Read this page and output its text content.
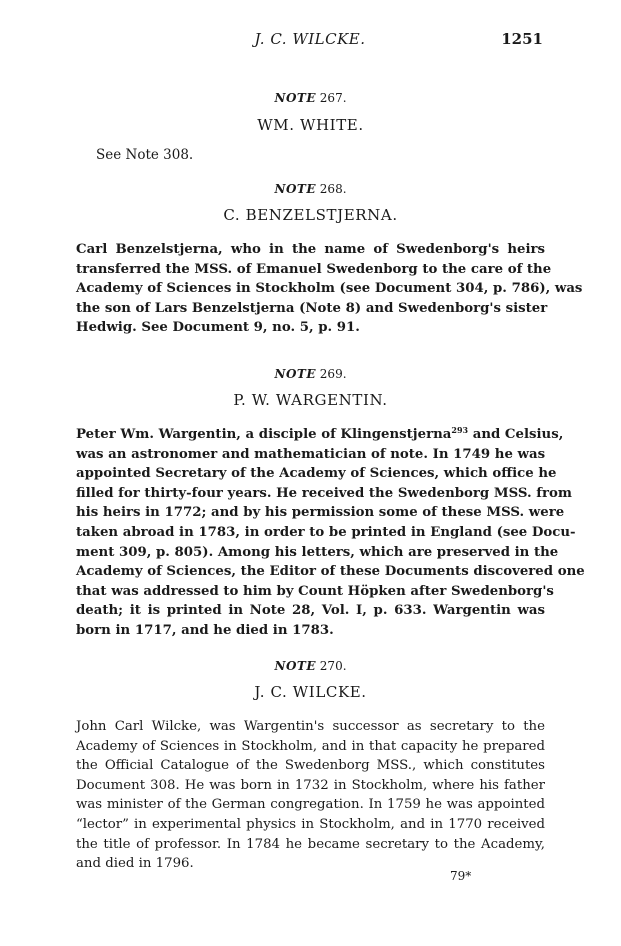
J. C. WILCKE.	1251
NOTE 267.
WM. WHITE.
See Note 308.
NOTE 268.
C. BENZELSTJERNA.
Carl Benzelstjerna, who in the name of Swedenborg's heirs
transferred the MSS. of Emanuel Swedenborg to the care of the
Academy of Sciences in Stockholm (see Document 304, p. 786), was
the son of Lars Benzelstjerna (Note 8) and Swedenborg's sister
Hedwig. See Document 9, no. 5, p. 91.
NOTE 269.
P. W. WARGENTIN.
Peter Wm. Wargentin, a disciple of Klingenstjerna$^{293}$ and Celsius,
was an astronomer and mathematician of note. In 1749 he was
appointed Secretary of the Academy of Sciences, which office he
filled for thirty-four years. He received the Swedenborg MSS. from
his heirs in 1772; and by his permission some of these MSS. were
taken abroad in 1783, in order to be printed in England (see Docu-
ment 309, p. 805). Among his letters, which are preserved in the
Academy of Sciences, the Editor of these Documents discovered one
that was addressed to him by Count Höpken after Swedenborg's
death; it is printed in Note 28, Vol. I, p. 633. Wargentin was
born in 1717, and he died in 1783.
NOTE 270.
J. C. WILCKE.
John Carl Wilcke, was Wargentin's successor as secretary to the
Academy of Sciences in Stockholm, and in that capacity he prepared
the Official Catalogue of the Swedenborg MSS., which constitutes
Document 308. He was born in 1732 in Stockholm, where his father
was minister of the German congregation. In 1759 he was appointed
“lector” in experimental physics in Stockholm, and in 1770 received
the title of professor. In 1784 he became secretary to the Academy,
and died in 1796.
79*
